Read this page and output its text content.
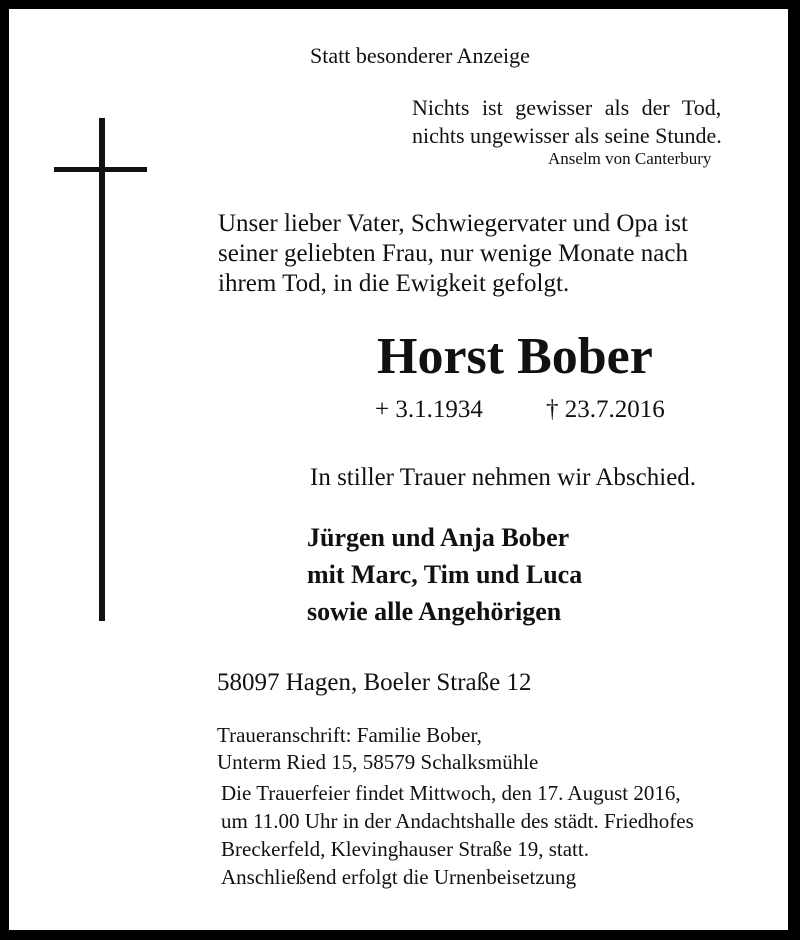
Statt besonderer Anzeige

Nichts ist gewisser als der Tod,

nichts ungewisser als seine Stunde.

Anselm von Canterbury

Unser lieber Vater, Schwiegervater und Opa ist
seiner geliebten Frau, nur wenige Monate nach
ihrem Tod, in die Ewigkeit gefolgt.

Horst Bober

+ 3.1.1934	† 23.7.2016

In stiller Trauer nehmen wir Abschied.

Jürgen und Anja Bober
mit Marc, Tim und Luca
sowie alle Angehörigen

58097 Hagen, Boeler Straße 12

Traueranschrift: Familie Bober,
Unterm Ried 15, 58579 Schalksmühle
Die Trauerfeier findet Mittwoch, den 17. August 2016,
um 11.00 Uhr in der Andachtshalle des städt. Friedhofes
Breckerfeld, Klevinghauser Straße 19, statt.
Anschließend erfolgt die Urnenbeisetzung
